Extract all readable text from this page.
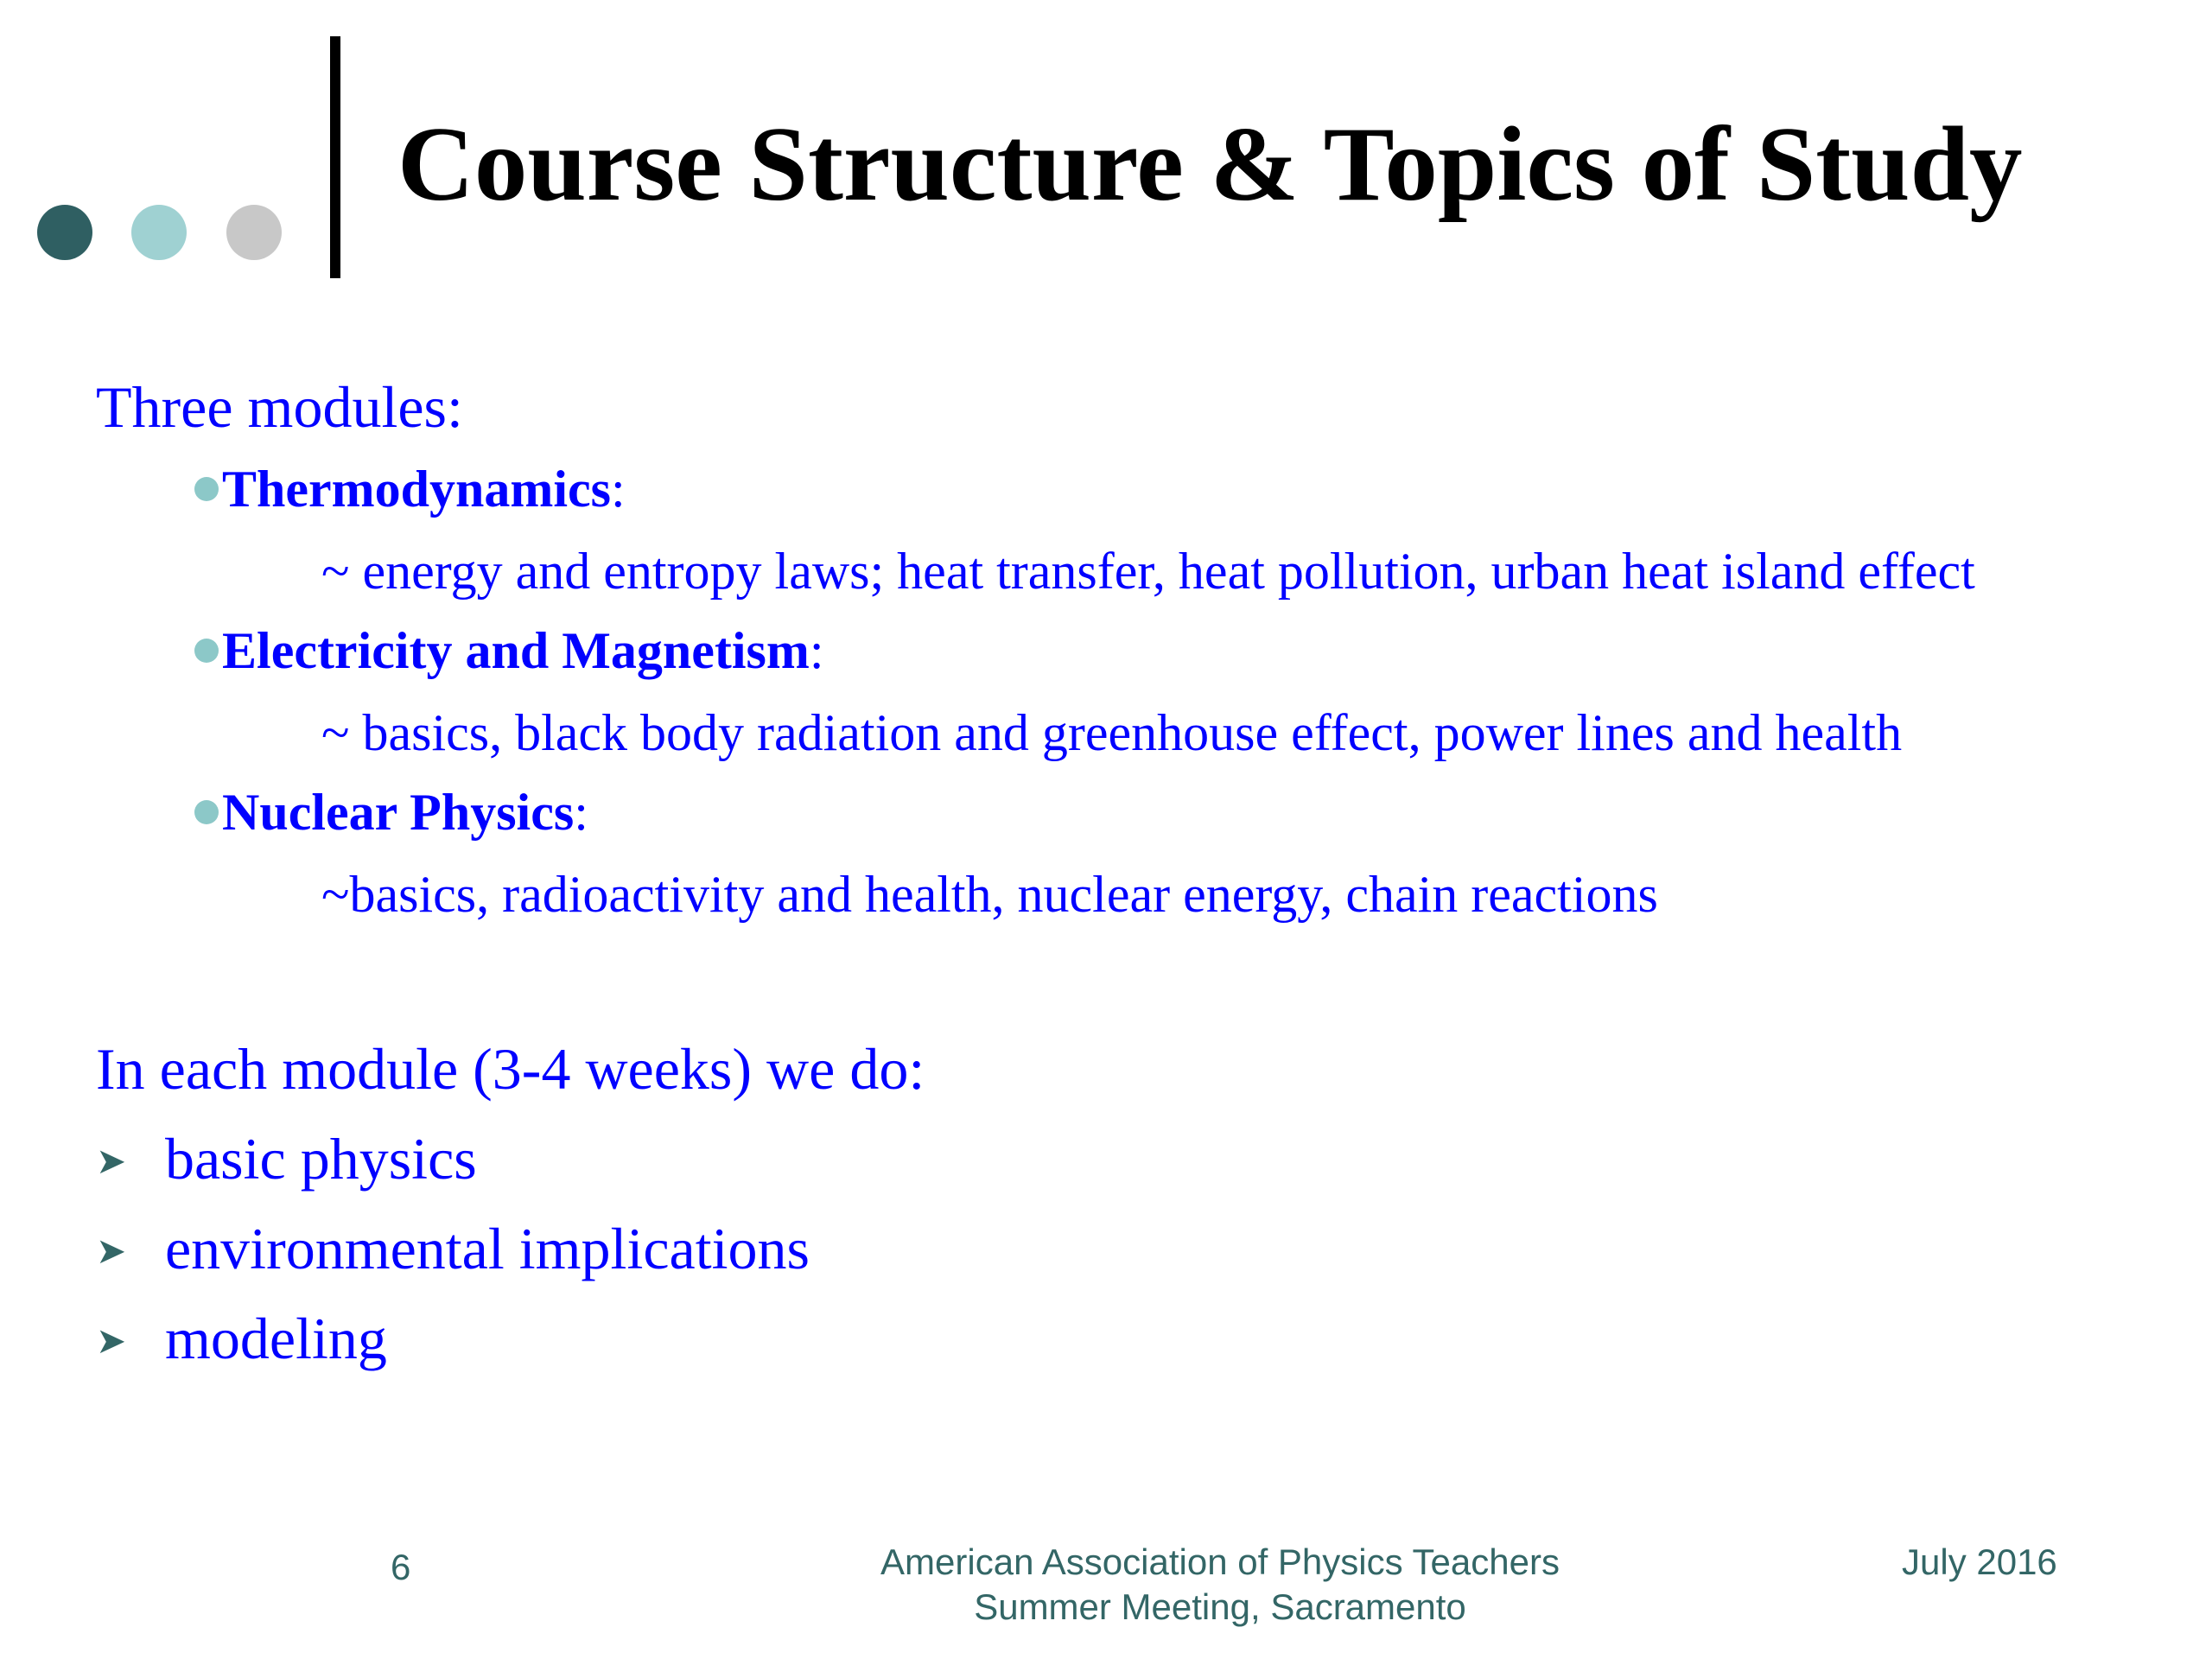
Course Structure & Topics of Study
Three modules:
Thermodynamics:
~ energy and entropy laws; heat transfer, heat pollution, urban heat island effect
Electricity and Magnetism:
~ basics, black body radiation and greenhouse effect, power lines and health
Nuclear Physics:
~basics, radioactivity and health, nuclear energy, chain reactions
In each module (3-4 weeks) we do:
➤ basic physics
➤ environmental implications
➤ modeling
6	American Association of Physics Teachers
Summer Meeting, Sacramento
July 2016
